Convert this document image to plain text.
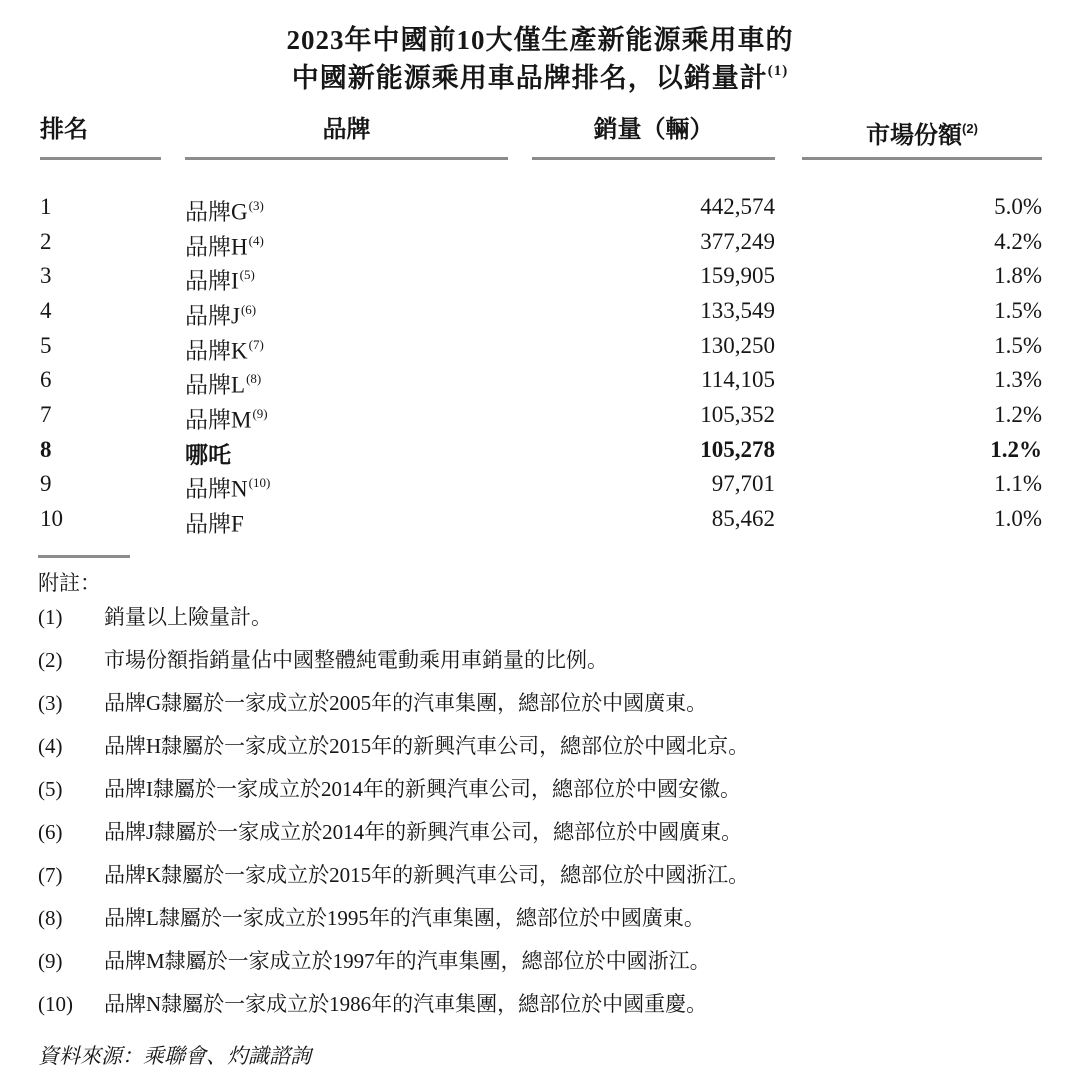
2023年中國前10大僅生產新能源乘用車的
中國新能源乘用車品牌排名，以銷量計$^{(1)}$
排名	品牌	銷量（輛）	市場份額$^{(2)}$
1	品牌$G^{(3)}$	442,574	5.0%
2	品牌$H^{(4)}$	377,249	4.2%
3	品牌$I^{(5)}$	159,905	1.8%
4	品牌$J^{(6)}$	133,549	1.5%
5	品牌$K^{(7)}$	130,250	1.5%
6	品牌$L^{(8)}$	114,105	1.3%
7	品牌$M^{(9)}$	105,352	1.2%
8	哪吒	105,278	1.2%
9	品牌$N^{(10)}$	97,701	1.1%
10	品牌F	85,462	1.0%
附註：
(1)	銷量以上險量計。
(2)	市場份額指銷量佔中國整體純電動乘用車銷量的比例。
(3)	品牌G隸屬於一家成立於2005年的汽車集團，總部位於中國廣東。
(4)	品牌H隸屬於一家成立於2015年的新興汽車公司，總部位於中國北京。
(5)	品牌I隸屬於一家成立於2014年的新興汽車公司，總部位於中國安徽。
(6)	品牌J隸屬於一家成立於2014年的新興汽車公司，總部位於中國廣東。
(7)	品牌K隸屬於一家成立於2015年的新興汽車公司，總部位於中國浙江。
(8)	品牌L隸屬於一家成立於1995年的汽車集團，總部位於中國廣東。
(9)	品牌M隸屬於一家成立於1997年的汽車集團，總部位於中國浙江。
(10)	品牌N隸屬於一家成立於1986年的汽車集團，總部位於中國重慶。
資料來源：乘聯會、灼識諮詢
